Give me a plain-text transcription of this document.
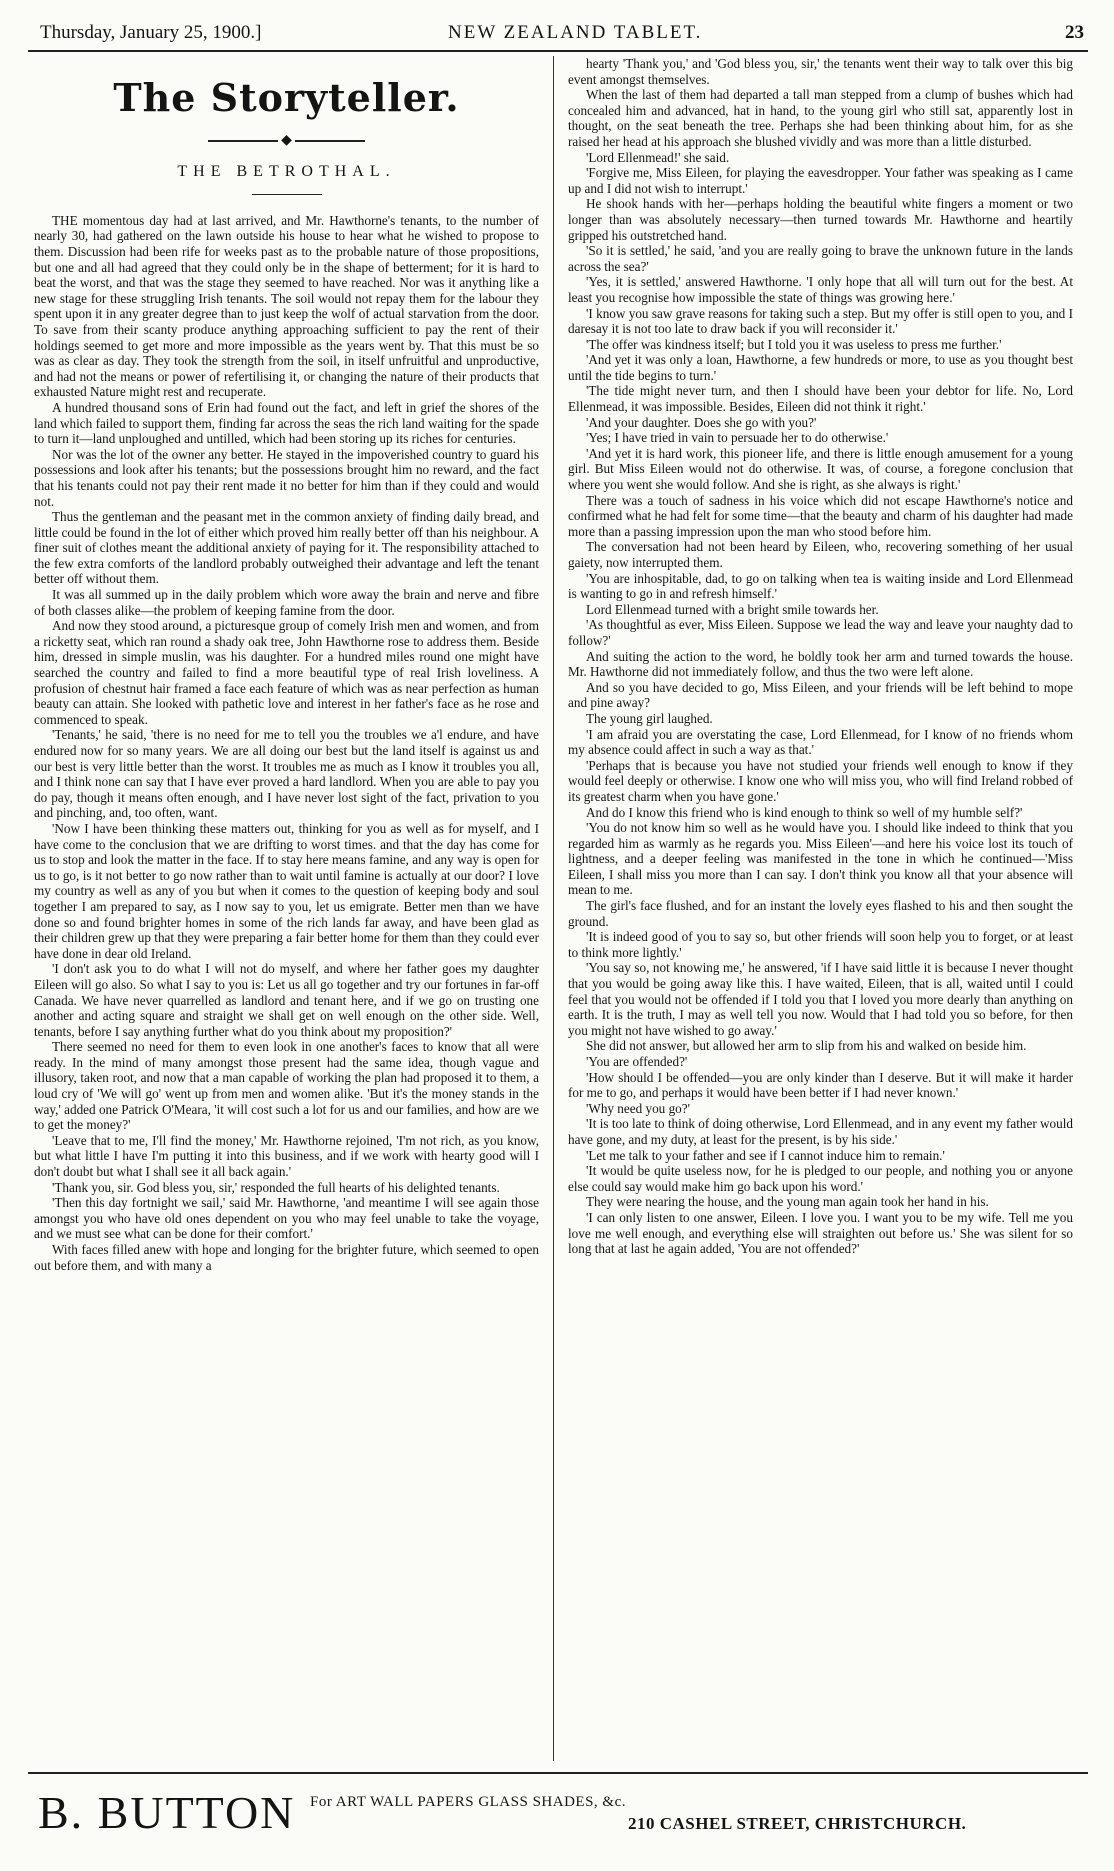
Thursday, January 25, 1900.]	NEW ZEALAND TABLET.	23
The Storyteller.
◆
THE BETROTHAL.

THE momentous day had at last arrived, and Mr. Hawthorne's tenants, to the number of nearly 30, had gathered on the lawn outside his house to hear what he wished to propose to them. Discussion had been rife for weeks past as to the probable nature of those propositions, but one and all had agreed that they could only be in the shape of betterment; for it is hard to beat the worst, and that was the stage they seemed to have reached. Nor was it anything like a new stage for these struggling Irish tenants. The soil would not repay them for the labour they spent upon it in any greater degree than to just keep the wolf of actual starvation from the door. To save from their scanty produce anything approaching sufficient to pay the rent of their holdings seemed to get more and more impossible as the years went by. That this must be so was as clear as day. They took the strength from the soil, in itself unfruitful and unproductive, and had not the means or power of refertilising it, or changing the nature of their products that exhausted Nature might rest and recuperate.

A hundred thousand sons of Erin had found out the fact, and left in grief the shores of the land which failed to support them, finding far across the seas the rich land waiting for the spade to turn it—land unploughed and untilled, which had been storing up its riches for centuries.

Nor was the lot of the owner any better. He stayed in the impoverished country to guard his possessions and look after his tenants; but the possessions brought him no reward, and the fact that his tenants could not pay their rent made it no better for him than if they could and would not.

Thus the gentleman and the peasant met in the common anxiety of finding daily bread, and little could be found in the lot of either which proved him really better off than his neighbour. A finer suit of clothes meant the additional anxiety of paying for it. The responsibility attached to the few extra comforts of the landlord probably outweighed their advantage and left the tenant better off without them.

It was all summed up in the daily problem which wore away the brain and nerve and fibre of both classes alike—the problem of keeping famine from the door.

And now they stood around, a picturesque group of comely Irish men and women, and from a ricketty seat, which ran round a shady oak tree, John Hawthorne rose to address them. Beside him, dressed in simple muslin, was his daughter. For a hundred miles round one might have searched the country and failed to find a more beautiful type of real Irish loveliness. A profusion of chestnut hair framed a face each feature of which was as near perfection as human beauty can attain. She looked with pathetic love and interest in her father's face as he rose and commenced to speak.

'Tenants,' he said, 'there is no need for me to tell you the troubles we a'l endure, and have endured now for so many years. We are all doing our best but the land itself is against us and our best is very little better than the worst. It troubles me as much as I know it troubles you all, and I think none can say that I have ever proved a hard landlord. When you are able to pay you do pay, though it means often enough, and I have never lost sight of the fact, privation to you and pinching, and, too often, want.

'Now I have been thinking these matters out, thinking for you as well as for myself, and I have come to the conclusion that we are drifting to worst times. and that the day has come for us to stop and look the matter in the face. If to stay here means famine, and any way is open for us to go, is it not better to go now rather than to wait until famine is actually at our door? I love my country as well as any of you but when it comes to the question of keeping body and soul together I am prepared to say, as I now say to you, let us emigrate. Better men than we have done so and found brighter homes in some of the rich lands far away, and have been glad as their children grew up that they were preparing a fair better home for them than they could ever have done in dear old Ireland.

'I don't ask you to do what I will not do myself, and where her father goes my daughter Eileen will go also. So what I say to you is: Let us all go together and try our fortunes in far-off Canada. We have never quarrelled as landlord and tenant here, and if we go on trusting one another and acting square and straight we shall get on well enough on the other side. Well, tenants, before I say anything further what do you think about my proposition?'

There seemed no need for them to even look in one another's faces to know that all were ready. In the mind of many amongst those present had the same idea, though vague and illusory, taken root, and now that a man capable of working the plan had proposed it to them, a loud cry of 'We will go' went up from men and women alike. 'But it's the money stands in the way,' added one Patrick O'Meara, 'it will cost such a lot for us and our families, and how are we to get the money?'

'Leave that to me, I'll find the money,' Mr. Hawthorne rejoined, 'I'm not rich, as you know, but what little I have I'm putting it into this business, and if we work with hearty good will I don't doubt but what I shall see it all back again.'

'Thank you, sir. God bless you, sir,' responded the full hearts of his delighted tenants.

'Then this day fortnight we sail,' said Mr. Hawthorne, 'and meantime I will see again those amongst you who have old ones dependent on you who may feel unable to take the voyage, and we must see what can be done for their comfort.'

With faces filled anew with hope and longing for the brighter future, which seemed to open out before them, and with many a

hearty 'Thank you,' and 'God bless you, sir,' the tenants went their way to talk over this big event amongst themselves.

When the last of them had departed a tall man stepped from a clump of bushes which had concealed him and advanced, hat in hand, to the young girl who still sat, apparently lost in thought, on the seat beneath the tree. Perhaps she had been thinking about him, for as she raised her head at his approach she blushed vividly and was more than a little disturbed.

'Lord Ellenmead!' she said.

'Forgive me, Miss Eileen, for playing the eavesdropper. Your father was speaking as I came up and I did not wish to interrupt.'

He shook hands with her—perhaps holding the beautiful white fingers a moment or two longer than was absolutely necessary—then turned towards Mr. Hawthorne and heartily gripped his outstretched hand.

'So it is settled,' he said, 'and you are really going to brave the unknown future in the lands across the sea?'

'Yes, it is settled,' answered Hawthorne. 'I only hope that all will turn out for the best. At least you recognise how impossible the state of things was growing here.'

'I know you saw grave reasons for taking such a step. But my offer is still open to you, and I daresay it is not too late to draw back if you will reconsider it.'

'The offer was kindness itself; but I told you it was useless to press me further.'

'And yet it was only a loan, Hawthorne, a few hundreds or more, to use as you thought best until the tide begins to turn.'

'The tide might never turn, and then I should have been your debtor for life. No, Lord Ellenmead, it was impossible. Besides, Eileen did not think it right.'

'And your daughter. Does she go with you?'

'Yes; I have tried in vain to persuade her to do otherwise.'

'And yet it is hard work, this pioneer life, and there is little enough amusement for a young girl. But Miss Eileen would not do otherwise. It was, of course, a foregone conclusion that where you went she would follow. And she is right, as she always is right.'

There was a touch of sadness in his voice which did not escape Hawthorne's notice and confirmed what he had felt for some time—that the beauty and charm of his daughter had made more than a passing impression upon the man who stood before him.

The conversation had not been heard by Eileen, who, recovering something of her usual gaiety, now interrupted them.

'You are inhospitable, dad, to go on talking when tea is waiting inside and Lord Ellenmead is wanting to go in and refresh himself.'

Lord Ellenmead turned with a bright smile towards her.

'As thoughtful as ever, Miss Eileen. Suppose we lead the way and leave your naughty dad to follow?'

And suiting the action to the word, he boldly took her arm and turned towards the house. Mr. Hawthorne did not immediately follow, and thus the two were left alone.

And so you have decided to go, Miss Eileen, and your friends will be left behind to mope and pine away?

The young girl laughed.

'I am afraid you are overstating the case, Lord Ellenmead, for I know of no friends whom my absence could affect in such a way as that.'

'Perhaps that is because you have not studied your friends well enough to know if they would feel deeply or otherwise. I know one who will miss you, who will find Ireland robbed of its greatest charm when you have gone.'

And do I know this friend who is kind enough to think so well of my humble self?'

'You do not know him so well as he would have you. I should like indeed to think that you regarded him as warmly as he regards you. Miss Eileen'—and here his voice lost its touch of lightness, and a deeper feeling was manifested in the tone in which he continued—'Miss Eileen, I shall miss you more than I can say. I don't think you know all that your absence will mean to me.

The girl's face flushed, and for an instant the lovely eyes flashed to his and then sought the ground.

'It is indeed good of you to say so, but other friends will soon help you to forget, or at least to think more lightly.'

'You say so, not knowing me,' he answered, 'if I have said little it is because I never thought that you would be going away like this. I have waited, Eileen, that is all, waited until I could feel that you would not be offended if I told you that I loved you more dearly than anything on earth. It is the truth, I may as well tell you now. Would that I had told you so before, for then you might not have wished to go away.'

She did not answer, but allowed her arm to slip from his and walked on beside him.

'You are offended?'

'How should I be offended—you are only kinder than I deserve. But it will make it harder for me to go, and perhaps it would have been better if I had never known.'

'Why need you go?'

'It is too late to think of doing otherwise, Lord Ellenmead, and in any event my father would have gone, and my duty, at least for the present, is by his side.'

'Let me talk to your father and see if I cannot induce him to remain.'

'It would be quite useless now, for he is pledged to our people, and nothing you or anyone else could say would make him go back upon his word.'

They were nearing the house, and the young man again took her hand in his.

'I can only listen to one answer, Eileen. I love you. I want you to be my wife. Tell me you love me well enough, and everything else will straighten out before us.' She was silent for so long that at last he again added, 'You are not offended?'

B. BUTTON For ART WALL PAPERS GLASS SHADES, &c.
210 CASHEL STREET, CHRISTCHURCH.
